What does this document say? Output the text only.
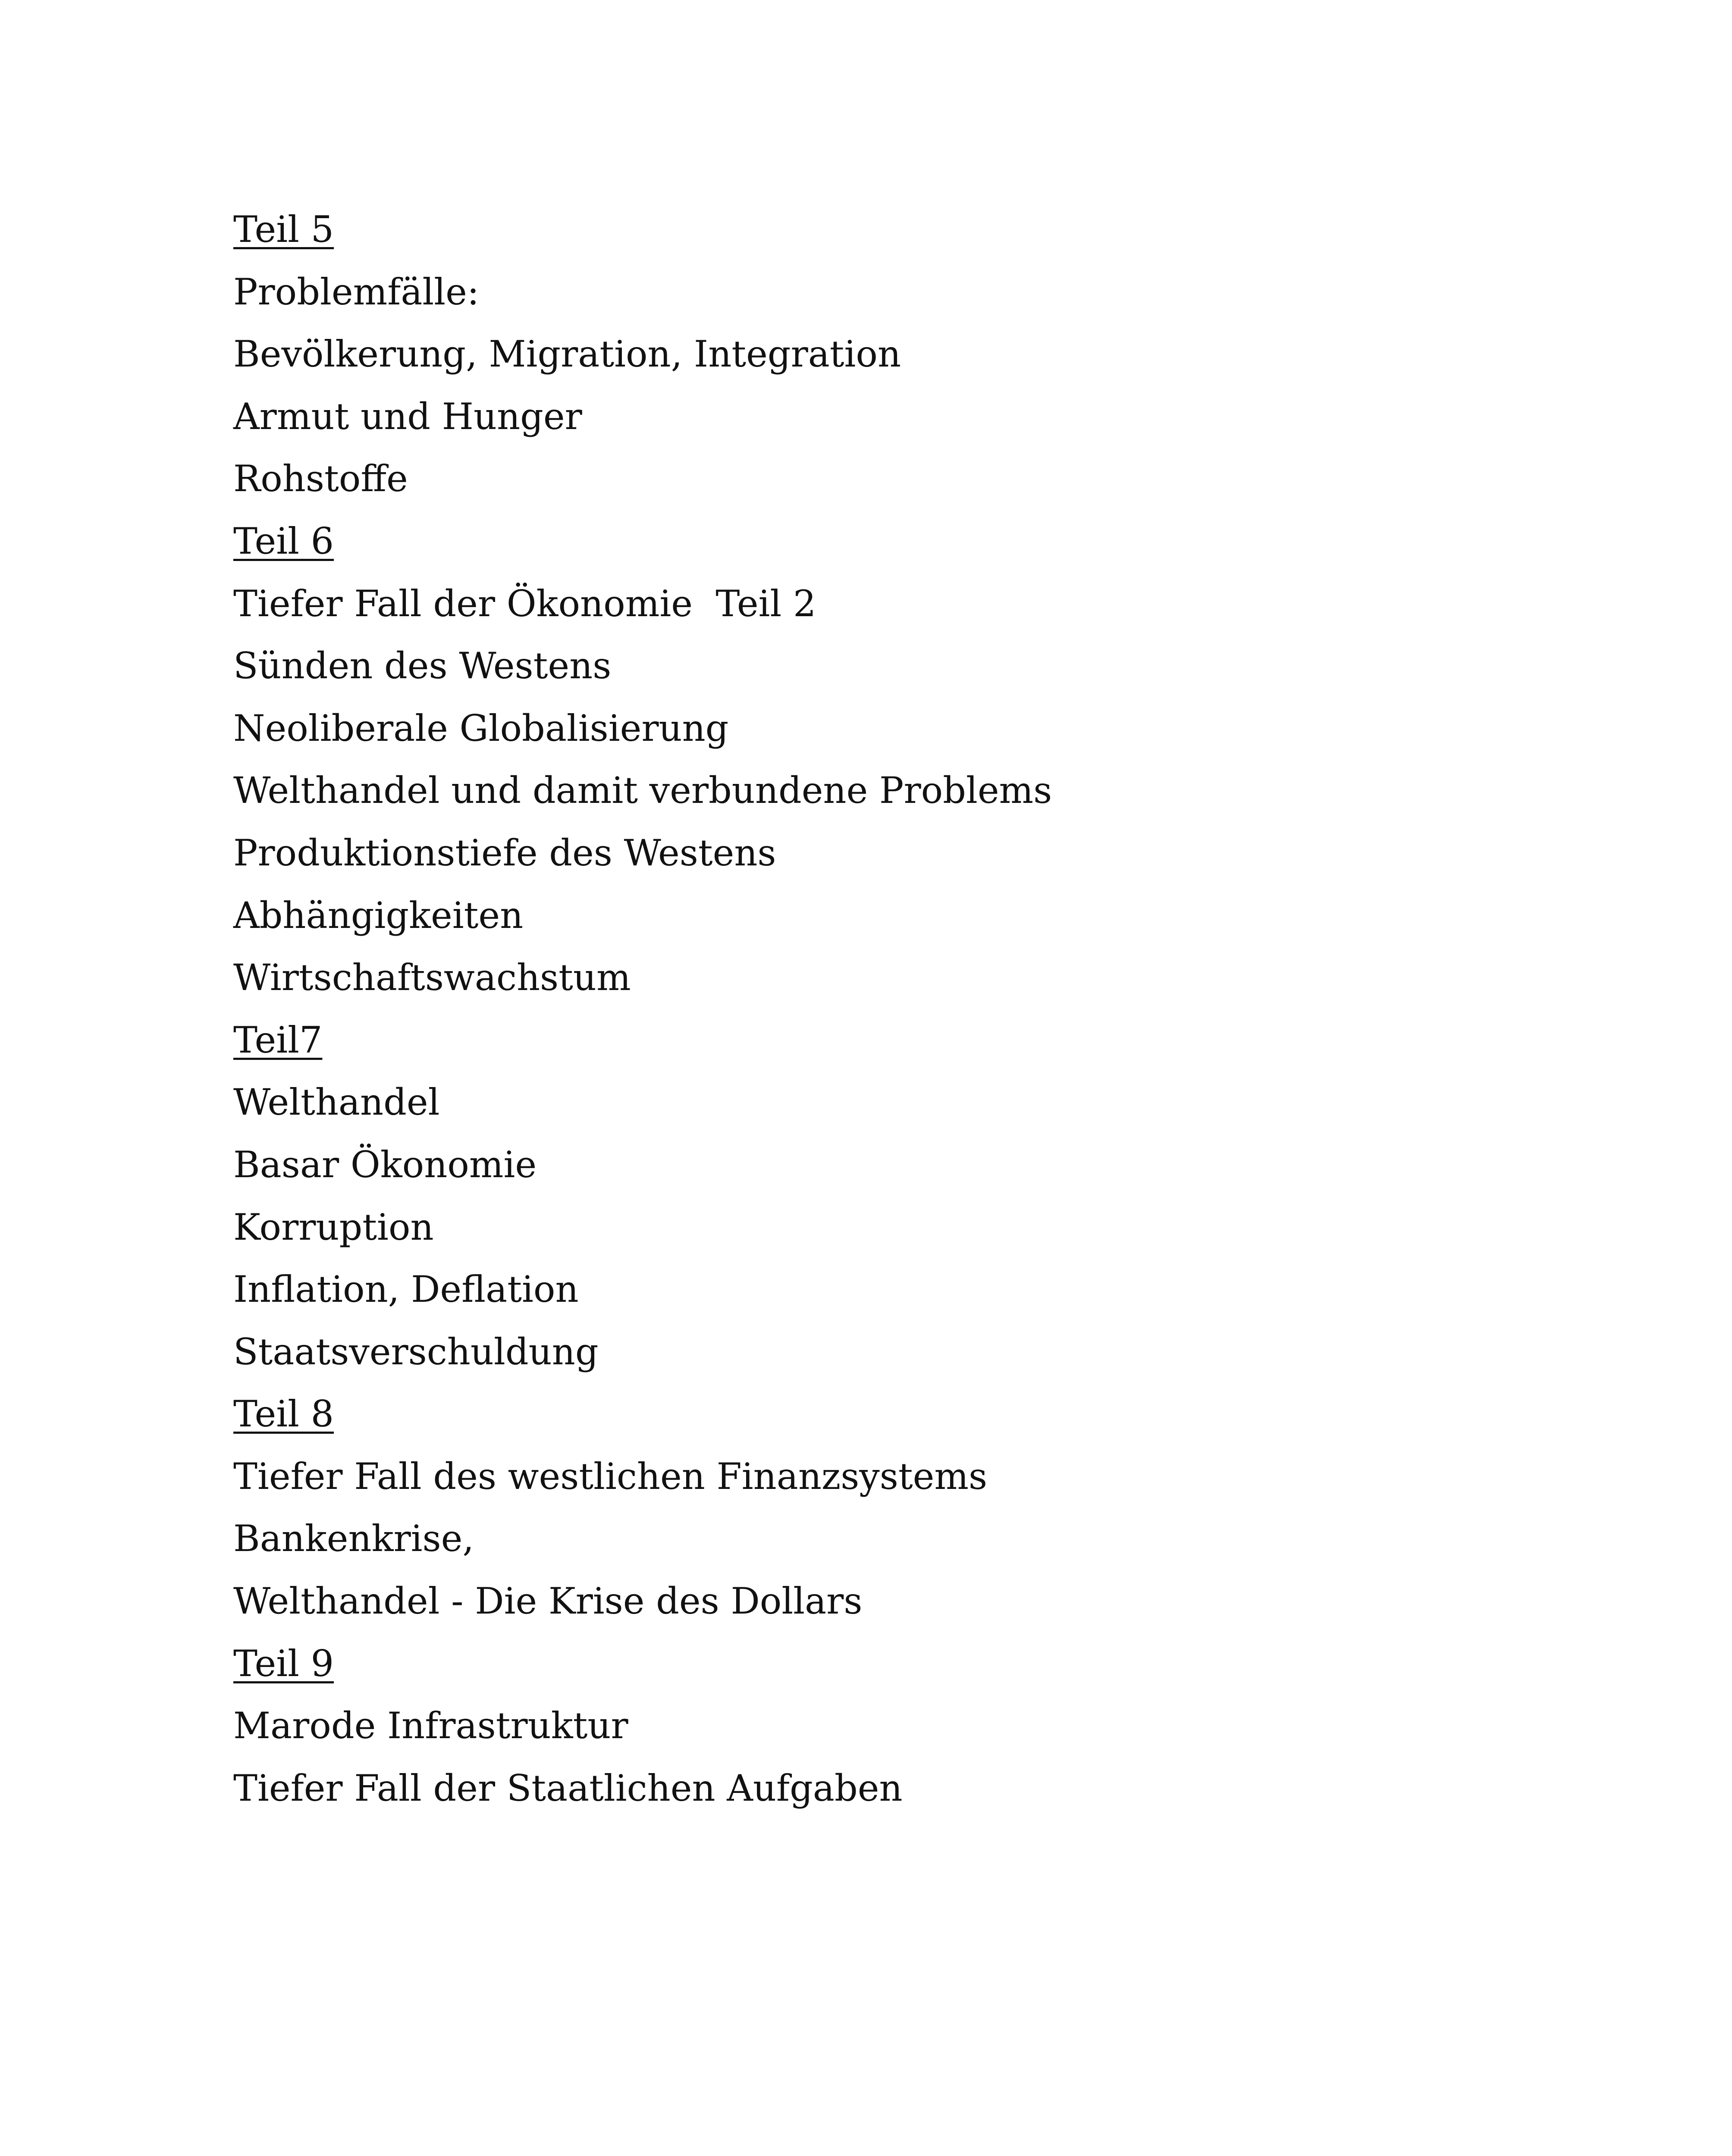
Teil 5
Problemfälle:
Bevölkerung, Migration, Integration
Armut und Hunger
Rohstoffe
Teil 6
Tiefer Fall der Ökonomie  Teil 2
Sünden des Westens
Neoliberale Globalisierung
Welthandel und damit verbundene Problems
Produktionstiefe des Westens
Abhängigkeiten
Wirtschaftswachstum
Teil7
Welthandel
Basar Ökonomie
Korruption
Inflation, Deflation
Staatsverschuldung
Teil 8
Tiefer Fall des westlichen Finanzsystems
Bankenkrise,
Welthandel - Die Krise des Dollars
Teil 9
Marode Infrastruktur
Tiefer Fall der Staatlichen Aufgaben
